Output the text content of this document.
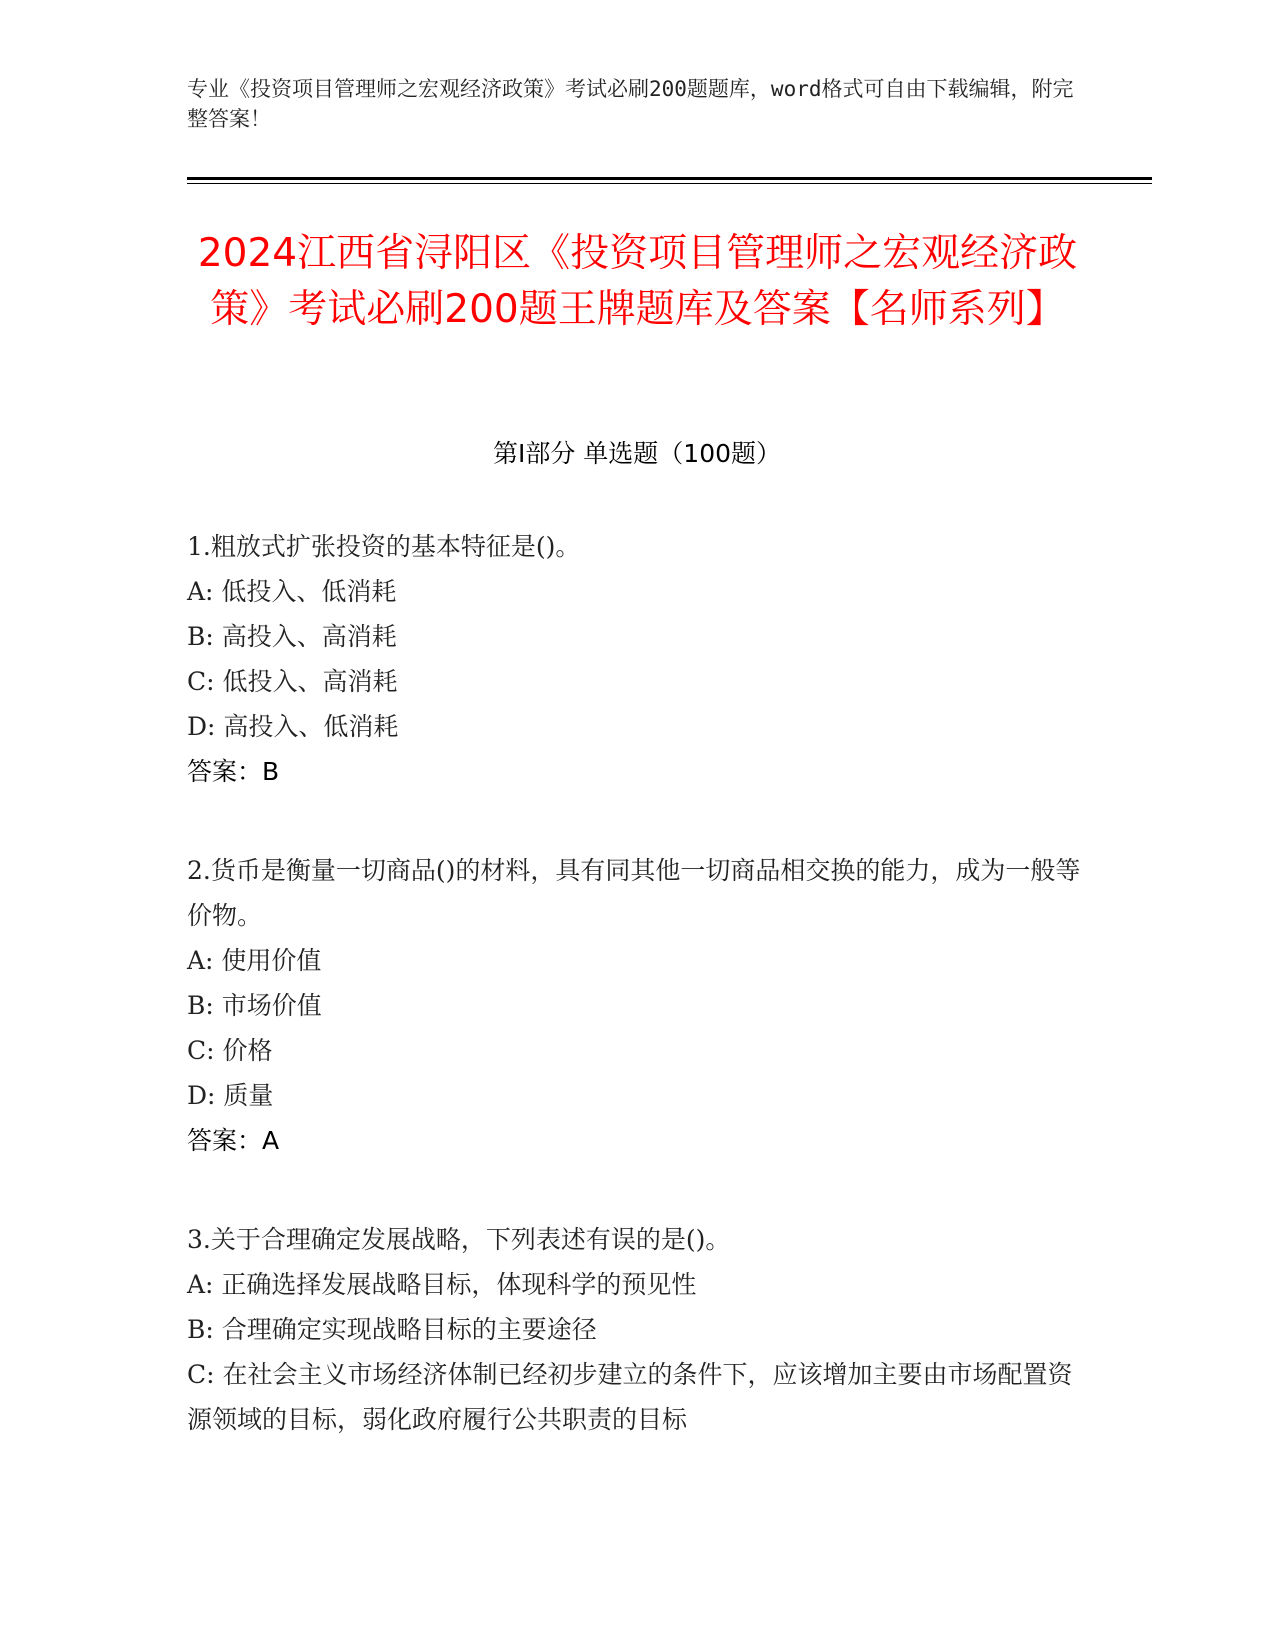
专业《投资项目管理师之宏观经济政策》考试必刷200题题库，word格式可自由下载编辑，附完整答案！
2024江西省浔阳区《投资项目管理师之宏观经济政策》考试必刷200题王牌题库及答案【名师系列】
第I部分 单选题（100题）

1.粗放式扩张投资的基本特征是()。

A: 低投入、低消耗

B: 高投入、高消耗

C: 低投入、高消耗

D: 高投入、低消耗

答案：B

2.货币是衡量一切商品()的材料，具有同其他一切商品相交换的能力，成为一般等价物。

A: 使用价值

B: 市场价值

C: 价格

D: 质量

答案：A

3.关于合理确定发展战略，下列表述有误的是()。

A: 正确选择发展战略目标，体现科学的预见性

B: 合理确定实现战略目标的主要途径

C: 在社会主义市场经济体制已经初步建立的条件下，应该增加主要由市场配置资源领域的目标，弱化政府履行公共职责的目标
